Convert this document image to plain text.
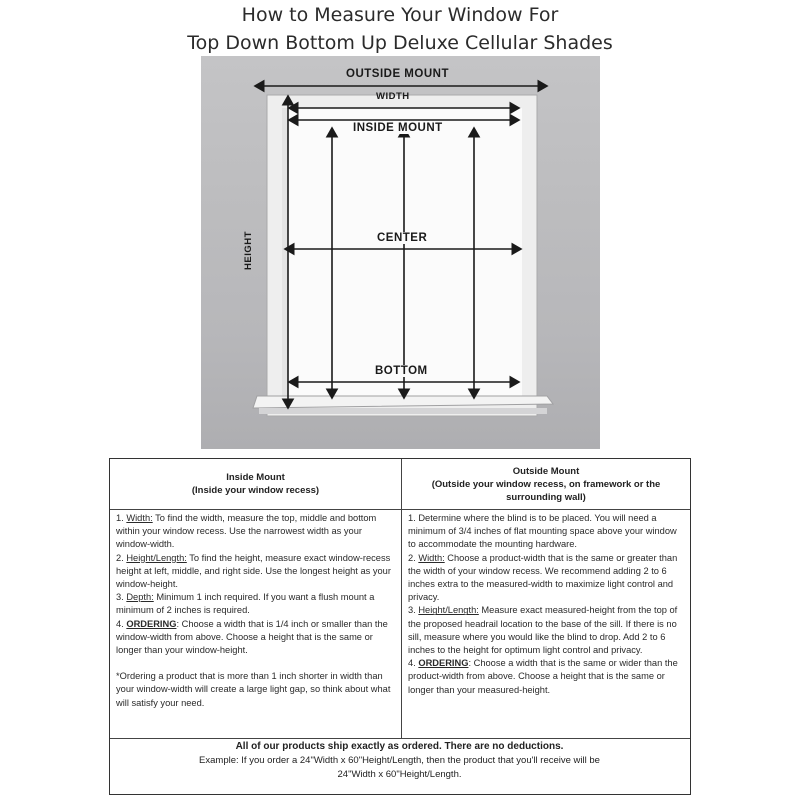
How to Measure Your Window For
Top Down Bottom Up Deluxe Cellular Shades
OUTSIDE MOUNT
WIDTH
INSIDE MOUNT
HEIGHT	CENTER
BOTTOM
Inside Mount
(Inside your window recess)
Outside Mount
(Outside your window recess, on framework or the surrounding wall)

1. Width: To find the width, measure the top, middle and bottom within your window recess. Use the narrowest width as your window-width.

2. Height/Length: To find the height, measure exact window-recess height at left, middle, and right side. Use the longest height as your window-height.

3. Depth: Minimum 1 inch required. If you want a flush mount a minimum of 2 inches is required.

4. ORDERING: Choose a width that is 1/4 inch or smaller than the window-width from above. Choose a height that is the same or longer than your window-height.

*Ordering a product that is more than 1 inch shorter in width than your window-width will create a large light gap, so think about what will satisfy your need.

1. Determine where the blind is to be placed. You will need a minimum of 3/4 inches of flat mounting space above your window to accommodate the mounting hardware.

2. Width: Choose a product-width that is the same or greater than the width of your window recess. We recommend adding 2 to 6 inches extra to the measured-width to maximize light control and privacy.

3. Height/Length: Measure exact measured-height from the top of the proposed headrail location to the base of the sill. If there is no sill, measure where you would like the blind to drop. Add 2 to 6 inches to the height for optimum light control and privacy.

4. ORDERING: Choose a width that is the same or wider than the product-width from above. Choose a height that is the same or longer than your measured-height.

All of our products ship exactly as ordered. There are no deductions.
Example: If you order a 24"Width x 60"Height/Length, then the product that you'll receive will be
24"Width x 60"Height/Length.
